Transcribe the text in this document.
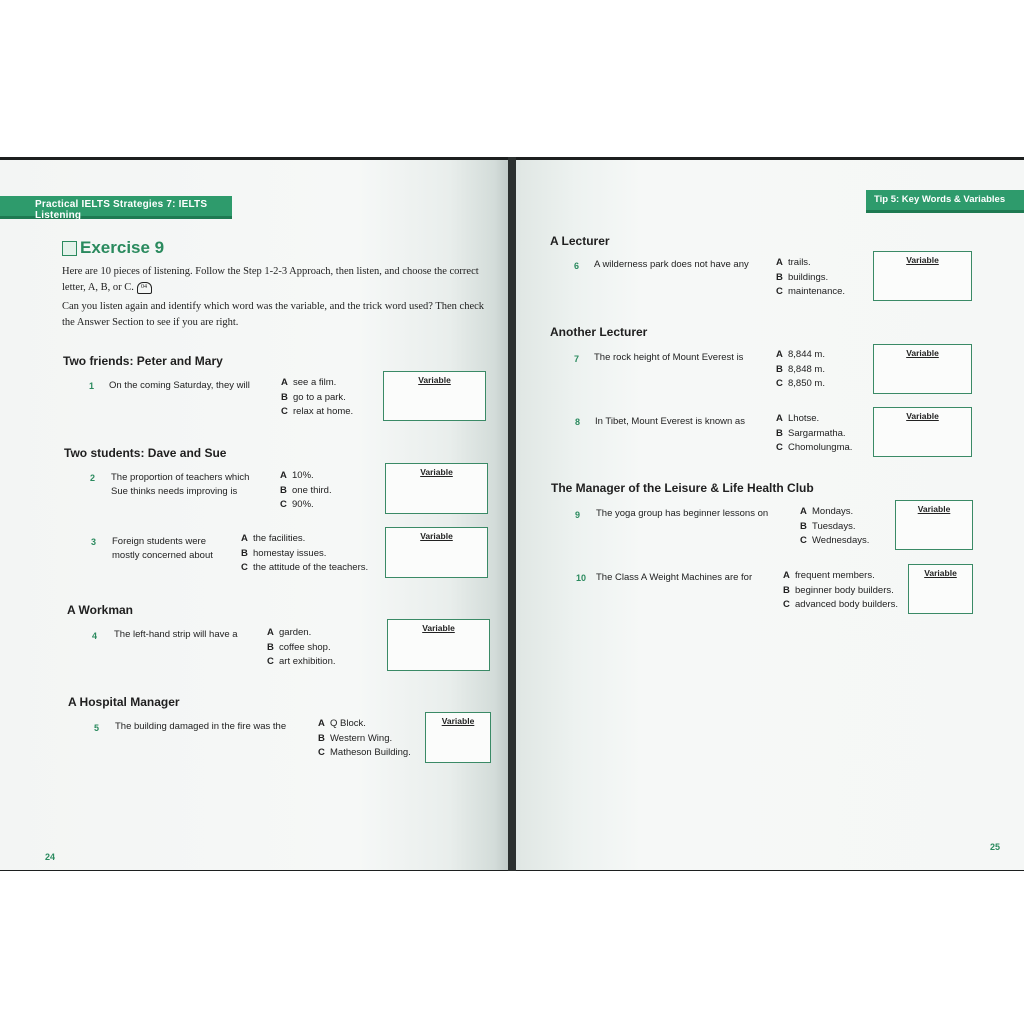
Practical IELTS Strategies 7: IELTS Listening
Exercise 9
Here are 10 pieces of listening. Follow the Step 1-2-3 Approach, then listen, and choose the correct letter, A, B, or C. 04
Can you listen again and identify which word was the variable, and the trick word used? Then check the Answer Section to see if you are right.
Two friends: Peter and Mary
1 On the coming Saturday, they will	A see a film.
B go to a park.
C relax at home.
Variable
Two students: Dave and Sue
2 The proportion of teachers which Sue thinks needs improving is
A 10%.
B one third.
C 90%.
Variable
3 Foreign students were mostly concerned about
A the facilities.
B homestay issues.
C the attitude of the teachers.
Variable
A Workman
4 The left-hand strip will have a	A garden.
B coffee shop.
C art exhibition.
Variable
A Hospital Manager
5 The building damaged in the fire was the	A Q Block.
B Western Wing.
C Matheson Building.
Variable
24
Tip 5: Key Words & Variables
A Lecturer
6 A wilderness park does not have any	A trails.
B buildings.
C maintenance.
Variable
Another Lecturer
7 The rock height of Mount Everest is	A 8,844 m.
B 8,848 m.
C 8,850 m.
Variable
8 In Tibet, Mount Everest is known as	A Lhotse.
B Sargarmatha.
C Chomolungma.
Variable
The Manager of the Leisure & Life Health Club
9 The yoga group has beginner lessons on	A Mondays.
B Tuesdays.
C Wednesdays.
Variable
10 The Class A Weight Machines are for	A frequent members.
B beginner body builders.
C advanced body builders.
Variable
25
